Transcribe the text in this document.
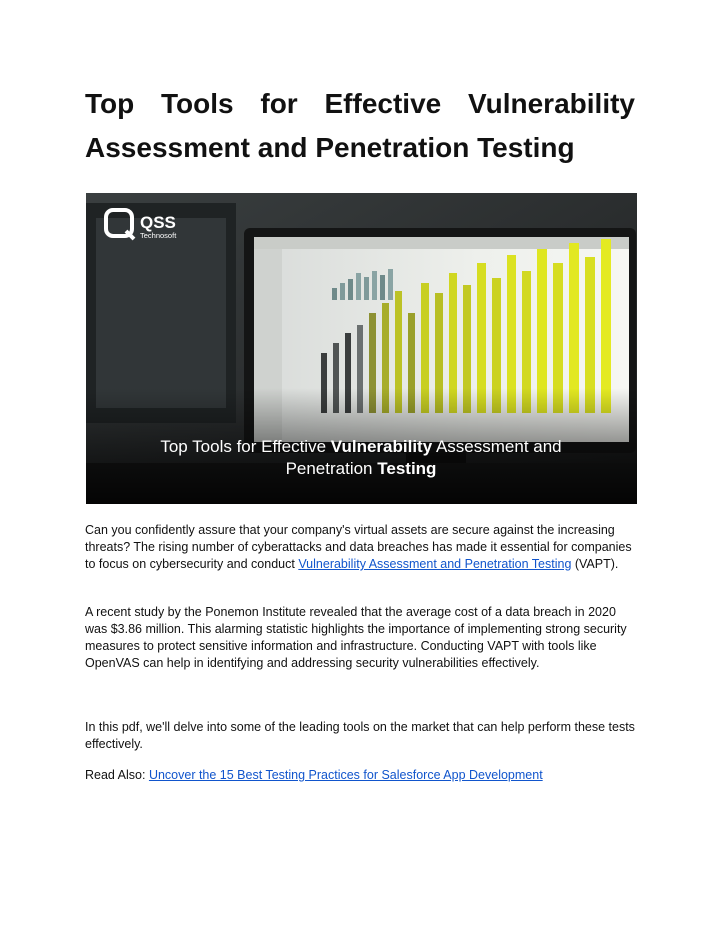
Top Tools for Effective Vulnerability
Assessment and Penetration Testing
QSS
Technosoft
Top Tools for Effective Vulnerability Assessment and
Penetration Testing

Can you confidently assure that your company's virtual assets are secure against the increasing threats? The rising number of cyberattacks and data breaches has made it essential for companies to focus on cybersecurity and conduct Vulnerability Assessment and Penetration Testing (VAPT).

A recent study by the Ponemon Institute revealed that the average cost of a data breach in 2020 was $3.86 million. This alarming statistic highlights the importance of implementing strong security measures to protect sensitive information and infrastructure. Conducting VAPT with tools like OpenVAS can help in identifying and addressing security vulnerabilities effectively.

In this pdf, we'll delve into some of the leading tools on the market that can help perform these tests effectively.

Read Also: Uncover the 15 Best Testing Practices for Salesforce App Development
